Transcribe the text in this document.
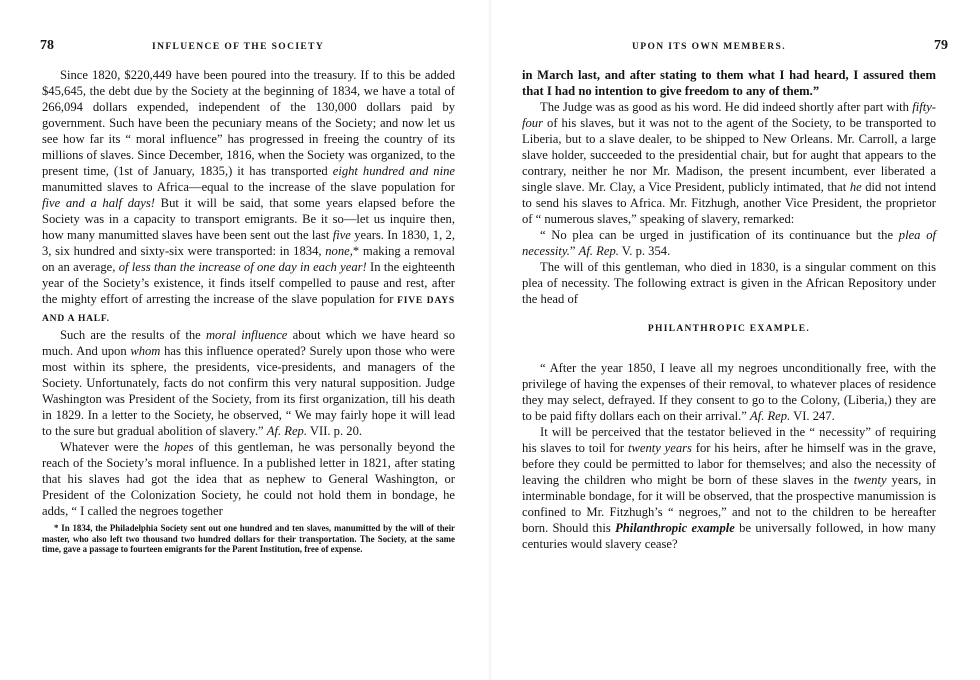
78	INFLUENCE OF THE SOCIETY

Since 1820, $220,449 have been poured into the treasury. If to this be added $45,645, the debt due by the Society at the beginning of 1834, we have a total of 266,094 dollars expended, independent of the 130,000 dollars paid by government. Such have been the pecuniary means of the Society; and now let us see how far its “ moral influence” has progressed in freeing the country of its millions of slaves. Since December, 1816, when the Society was organized, to the present time, (1st of January, 1835,) it has transported eight hundred and nine manumitted slaves to Africa—equal to the increase of the slave population for five and a half days! But it will be said, that some years elapsed before the Society was in a capacity to transport emigrants. Be it so—let us inquire then, how many manumitted slaves have been sent out the last five years. In 1830, 1, 2, 3, six hundred and sixty-six were transported: in 1834, none,* making a removal on an average, of less than the increase of one day in each year! In the eighteenth year of the Society’s existence, it finds itself compelled to pause and rest, after the mighty effort of arresting the increase of the slave population for FIVE DAYS AND A HALF.

Such are the results of the moral influence about which we have heard so much. And upon whom has this influence operated? Surely upon those who were most within its sphere, the presidents, vice-presidents, and managers of the Society. Unfortunately, facts do not confirm this very natural supposition. Judge Washington was President of the Society, from its first organization, till his death in 1829. In a letter to the Society, he observed, “ We may fairly hope it will lead to the sure but gradual abolition of slavery.” Af. Rep. VII. p. 20.

Whatever were the hopes of this gentleman, he was personally beyond the reach of the Society’s moral influence. In a published letter in 1821, after stating that his slaves had got the idea that as nephew to General Washington, or President of the Colonization Society, he could not hold them in bondage, he adds, “ I called the negroes together

* In 1834, the Philadelphia Society sent out one hundred and ten slaves, manumitted by the will of their master, who also left two thousand two hundred dollars for their transportation. The Society, at the same time, gave a passage to fourteen emigrants for the Parent Institution, free of expense.
UPON ITS OWN MEMBERS.	79

in March last, and after stating to them what I had heard, I assured them that I had no intention to give freedom to any of them.”

The Judge was as good as his word. He did indeed shortly after part with fifty-four of his slaves, but it was not to the agent of the Society, to be transported to Liberia, but to a slave dealer, to be shipped to New Orleans. Mr. Carroll, a large slave holder, succeeded to the presidential chair, but for aught that appears to the contrary, neither he nor Mr. Madison, the present incumbent, ever liberated a single slave. Mr. Clay, a Vice President, publicly intimated, that he did not intend to send his slaves to Africa. Mr. Fitzhugh, another Vice President, the proprietor of “ numerous slaves,” speaking of slavery, remarked:

“ No plea can be urged in justification of its continuance but the plea of necessity.” Af. Rep. V. p. 354.

The will of this gentleman, who died in 1830, is a singular comment on this plea of necessity. The following extract is given in the African Repository under the head of

PHILANTHROPIC EXAMPLE.

“ After the year 1850, I leave all my negroes unconditionally free, with the privilege of having the expenses of their removal, to whatever places of residence they may select, defrayed. If they consent to go to the Colony, (Liberia,) they are to be paid fifty dollars each on their arrival.” Af. Rep. VI. 247.

It will be perceived that the testator believed in the “ necessity” of requiring his slaves to toil for twenty years for his heirs, after he himself was in the grave, before they could be permitted to labor for themselves; and also the necessity of leaving the children who might be born of these slaves in the twenty years, in interminable bondage, for it will be observed, that the prospective manumission is confined to Mr. Fitzhugh’s “ negroes,” and not to the children to be hereafter born. Should this Philanthropic example be universally followed, in how many centuries would slavery cease?
